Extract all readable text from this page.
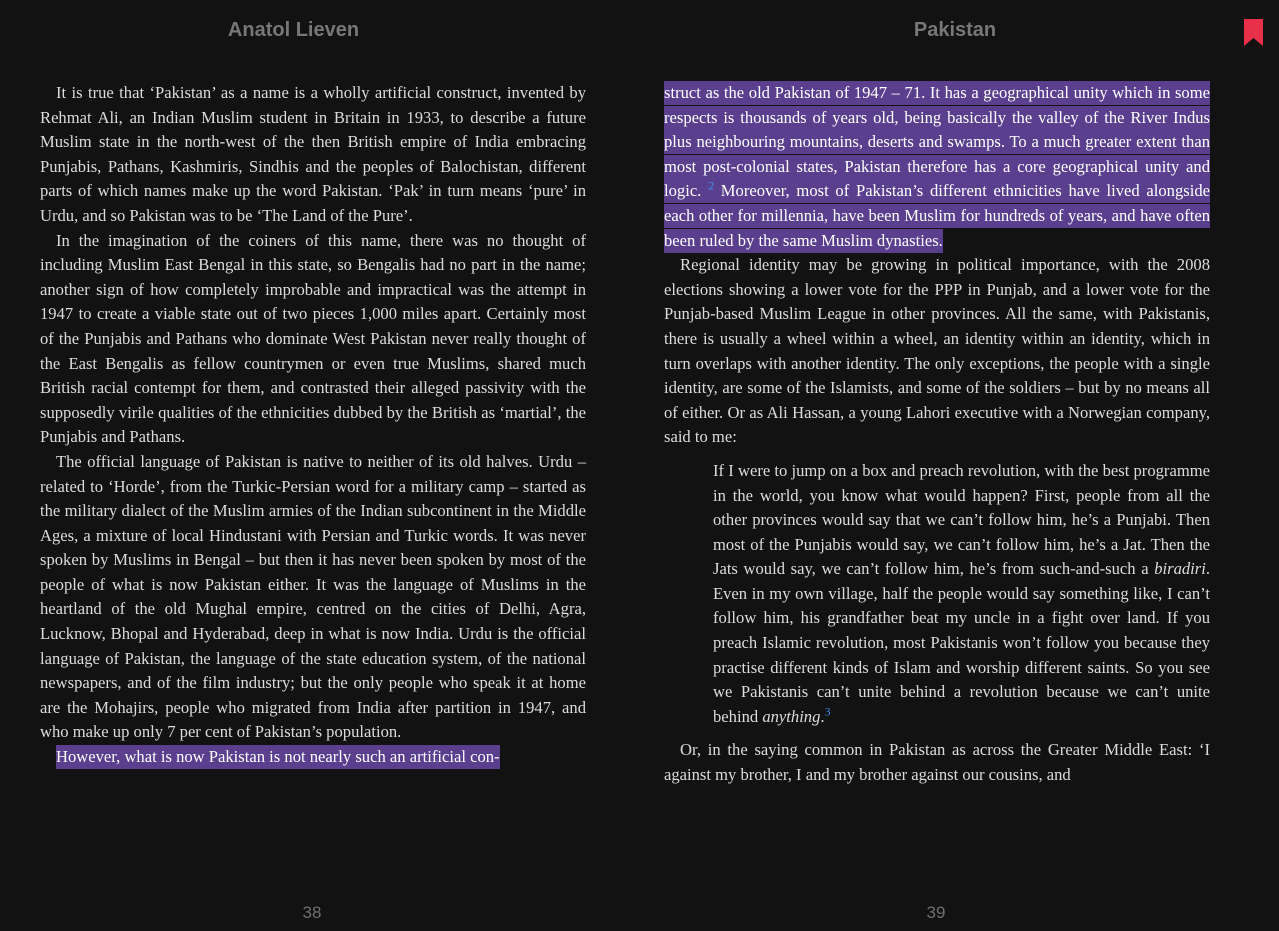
Anatol Lieven	Pakistan

It is true that ‘Pakistan’ as a name is a wholly artificial construct, invented by Rehmat Ali, an Indian Muslim student in Britain in 1933, to describe a future Muslim state in the north-west of the then British empire of India embracing Punjabis, Pathans, Kashmiris, Sindhis and the peoples of Balochistan, different parts of which names make up the word Pakistan. ‘Pak’ in turn means ‘pure’ in Urdu, and so Pakistan was to be ‘The Land of the Pure’.

In the imagination of the coiners of this name, there was no thought of including Muslim East Bengal in this state, so Bengalis had no part in the name; another sign of how completely improbable and impractical was the attempt in 1947 to create a viable state out of two pieces 1,000 miles apart. Certainly most of the Punjabis and Pathans who dominate West Pakistan never really thought of the East Bengalis as fellow countrymen or even true Muslims, shared much British racial contempt for them, and contrasted their alleged passivity with the supposedly virile qualities of the ethnicities dubbed by the British as ‘martial’, the Punjabis and Pathans.

The official language of Pakistan is native to neither of its old halves. Urdu – related to ‘Horde’, from the Turkic-Persian word for a military camp – started as the military dialect of the Muslim armies of the Indian subcontinent in the Middle Ages, a mixture of local Hindustani with Persian and Turkic words. It was never spoken by Muslims in Bengal – but then it has never been spoken by most of the people of what is now Pakistan either. It was the language of Muslims in the heartland of the old Mughal empire, centred on the cities of Delhi, Agra, Lucknow, Bhopal and Hyderabad, deep in what is now India. Urdu is the official language of Pakistan, the language of the state education system, of the national newspapers, and of the film industry; but the only people who speak it at home are the Mohajirs, people who migrated from India after partition in 1947, and who make up only 7 per cent of Pakistan’s population.

However, what is now Pakistan is not nearly such an artificial con-

struct as the old Pakistan of 1947 – 71. It has a geographical unity which in some respects is thousands of years old, being basically the valley of the River Indus plus neighbouring mountains, deserts and swamps. To a much greater extent than most post-colonial states, Pakistan therefore has a core geographical unity and logic. $^2$ Moreover, most of Pakistan’s different ethnicities have lived alongside each other for millennia, have been Muslim for hundreds of years, and have often been ruled by the same Muslim dynasties.

Regional identity may be growing in political importance, with the 2008 elections showing a lower vote for the PPP in Punjab, and a lower vote for the Punjab-based Muslim League in other provinces. All the same, with Pakistanis, there is usually a wheel within a wheel, an identity within an identity, which in turn overlaps with another identity. The only exceptions, the people with a single identity, are some of the Islamists, and some of the soldiers – but by no means all of either. Or as Ali Hassan, a young Lahori executive with a Norwegian company, said to me:

If I were to jump on a box and preach revolution, with the best programme in the world, you know what would happen? First, people from all the other provinces would say that we can’t follow him, he’s a Punjabi. Then most of the Punjabis would say, we can’t follow him, he’s a Jat. Then the Jats would say, we can’t follow him, he’s from such-and-such a biradiri. Even in my own village, half the people would say something like, I can’t follow him, his grandfather beat my uncle in a fight over land. If you preach Islamic revolution, most Pakistanis won’t follow you because they practise different kinds of Islam and worship different saints. So you see we Pakistanis can’t unite behind a revolution because we can’t unite behind anything.$^3$

Or, in the saying common in Pakistan as across the Greater Middle East: ‘I against my brother, I and my brother against our cousins, and

38	39
